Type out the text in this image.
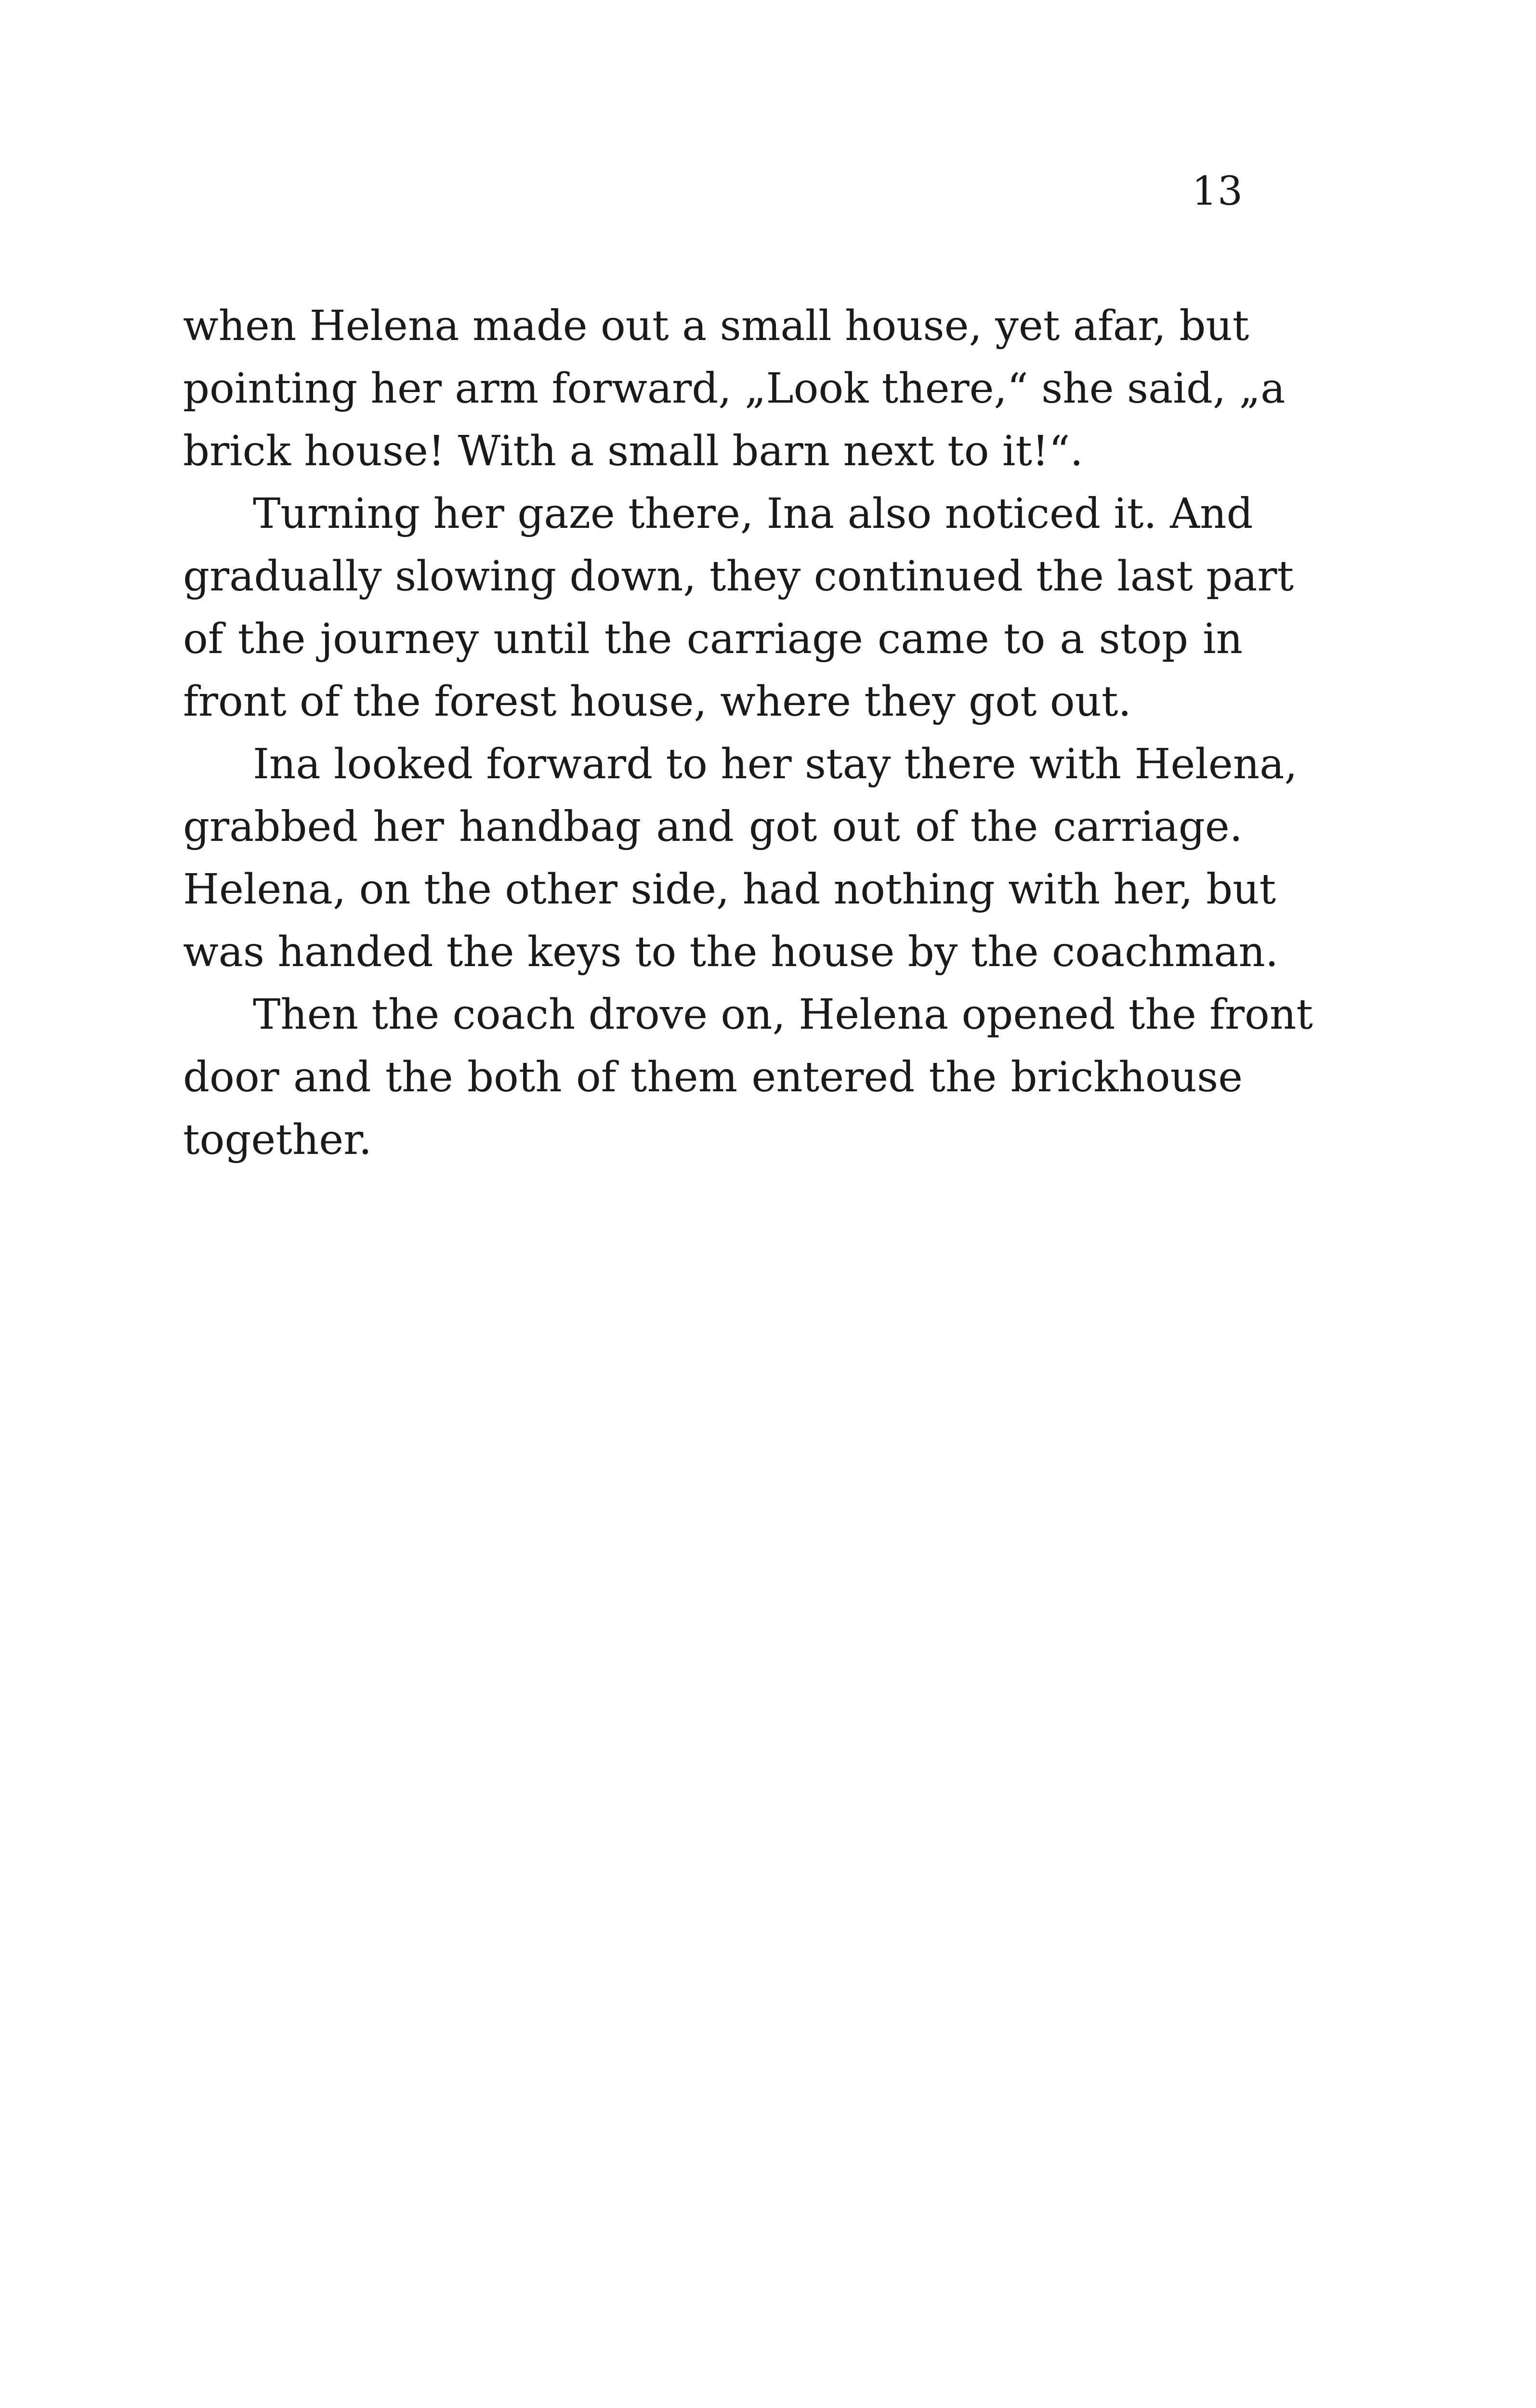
13
when Helena made out a small house, yet afar, but
pointing her arm forward, „Look there,“ she said, „a
brick house! With a small barn next to it!“.
Turning her gaze there, Ina also noticed it. And
gradually slowing down, they continued the last part
of the journey until the carriage came to a stop in
front of the forest house, where they got out.
Ina looked forward to her stay there with Helena,
grabbed her handbag and got out of the carriage.
Helena, on the other side, had nothing with her, but
was handed the keys to the house by the coachman.
Then the coach drove on, Helena opened the front
door and the both of them entered the brickhouse
together.
